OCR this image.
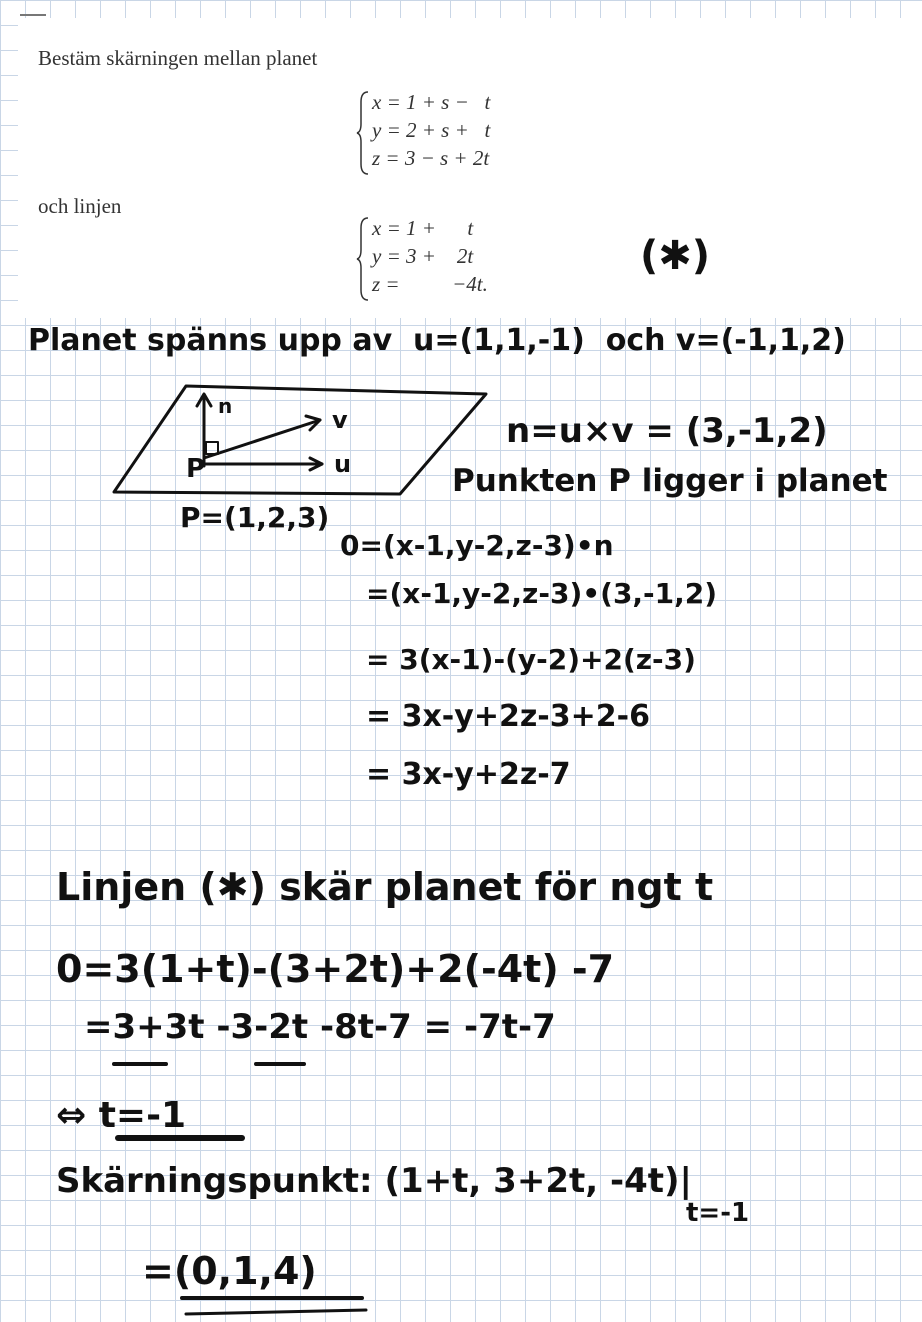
Bestäm skärningen mellan planet
x = 1 + s −   t
y = 2 + s +   t
z = 3 − s + 2t
och linjen
x = 1 +      t
y = 3 +    2t
z =          −4t.
(✱)
Planet spänns upp av  u=(1,1,-1)  och v=(-1,1,2)
n	v
u
P
P=(1,2,3)
n=u×v = (3,-1,2)
Punkten P ligger i planet
0=(x-1,y-2,z-3)•n
=(x-1,y-2,z-3)•(3,-1,2)
= 3(x-1)-(y-2)+2(z-3)
= 3x-y+2z-3+2-6
= 3x-y+2z-7
Linjen (✱) skär planet för ngt t
0=3(1+t)-(3+2t)+2(-4t) -7
=3+3t -3-2t -8t-7 = -7t-7
⇔ t=-1
Skärningspunkt: (1+t, 3+2t, -4t)|
t=-1
=(0,1,4)
